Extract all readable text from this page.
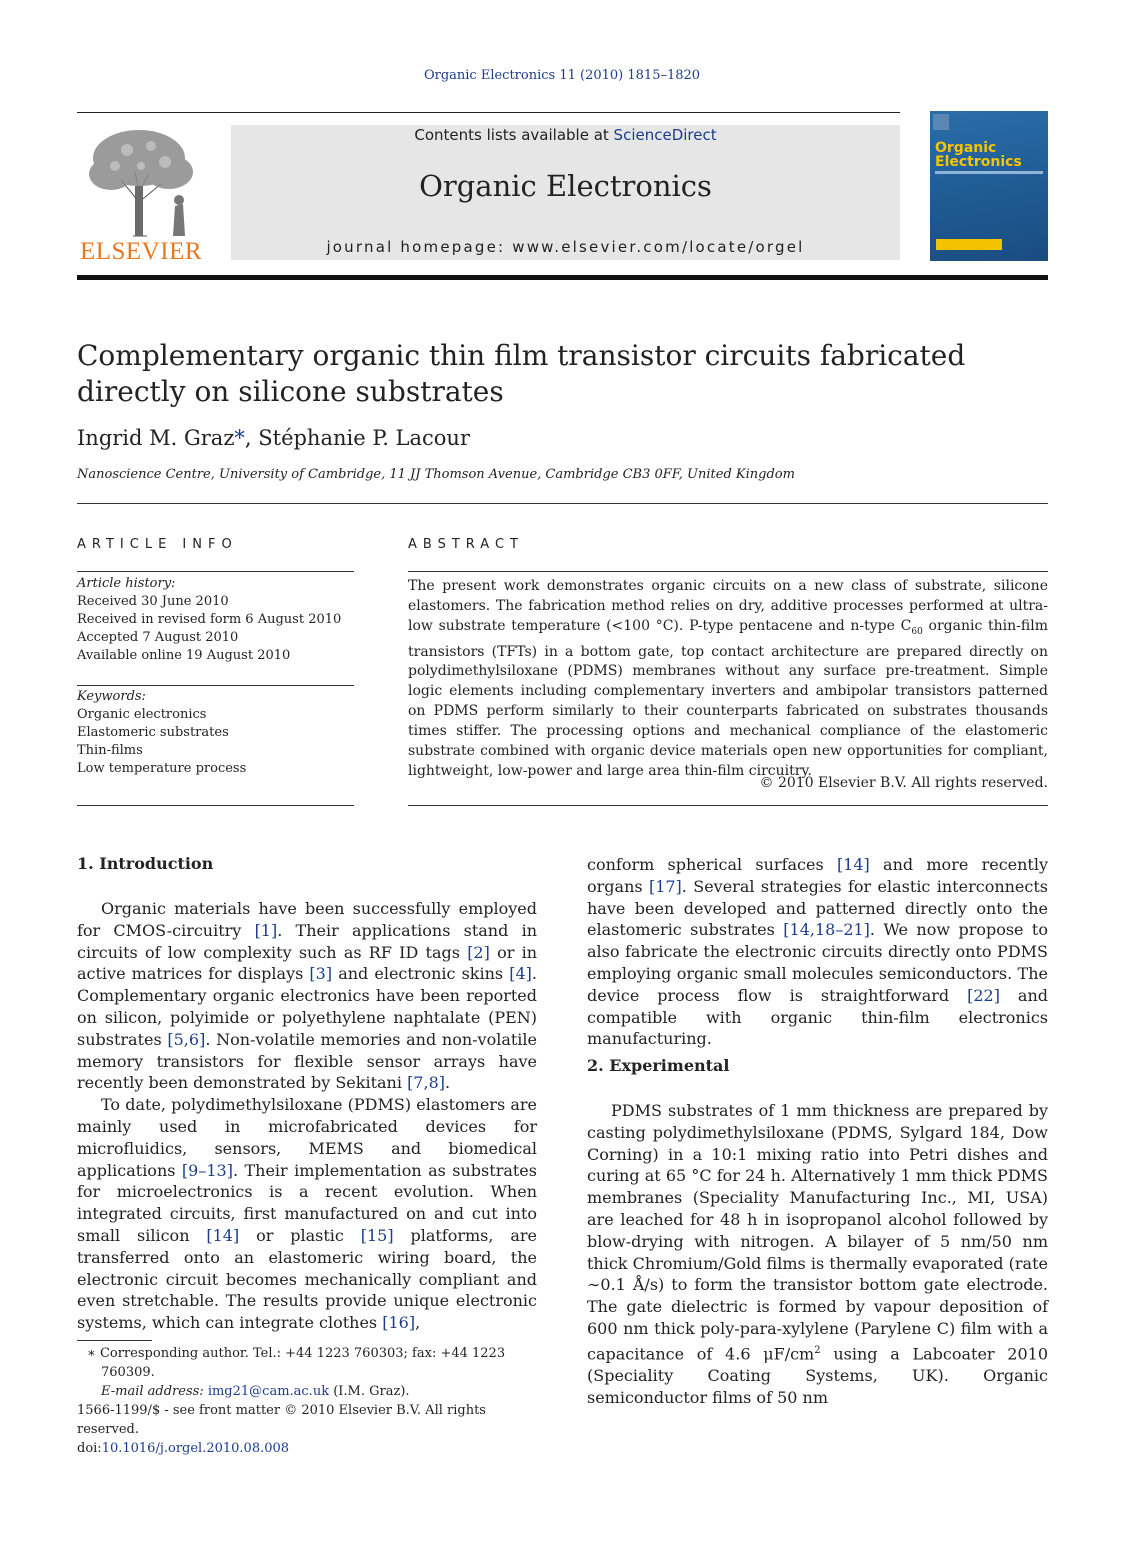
Organic Electronics 11 (2010) 1815–1820
ELSEVIER
Contents lists available at ScienceDirect
Organic Electronics
journal homepage: www.elsevier.com/locate/orgel
Organic
Electronics
Complementary organic thin film transistor circuits fabricated
directly on silicone substrates
Ingrid M. Graz*, Stéphanie P. Lacour
Nanoscience Centre, University of Cambridge, 11 JJ Thomson Avenue, Cambridge CB3 0FF, United Kingdom
ARTICLE INFO	ABSTRACT
Article history:
Received 30 June 2010
Received in revised form 6 August 2010
Accepted 7 August 2010
Available online 19 August 2010
Keywords:
Organic electronics
Elastomeric substrates
Thin-films
Low temperature process
The present work demonstrates organic circuits on a new class of substrate, silicone elastomers. The fabrication method relies on dry, additive processes performed at ultra-low substrate temperature (<100 °C). P-type pentacene and n-type $C_{60}$ organic thin-film transistors (TFTs) in a bottom gate, top contact architecture are prepared directly on polydimethylsiloxane (PDMS) membranes without any surface pre-treatment. Simple logic elements including complementary inverters and ambipolar transistors patterned on PDMS perform similarly to their counterparts fabricated on substrates thousands times stiffer. The processing options and mechanical compliance of the elastomeric substrate combined with organic device materials open new opportunities for compliant, lightweight, low-power and large area thin-film circuitry.
© 2010 Elsevier B.V. All rights reserved.
1. Introduction

Organic materials have been successfully employed for CMOS-circuitry [1]. Their applications stand in circuits of low complexity such as RF ID tags [2] or in active matrices for displays [3] and electronic skins [4]. Complementary organic electronics have been reported on silicon, polyimide or polyethylene naphtalate (PEN) substrates [5,6]. Non-volatile memories and non-volatile memory transistors for flexible sensor arrays have recently been demonstrated by Sekitani [7,8].

To date, polydimethylsiloxane (PDMS) elastomers are mainly used in microfabricated devices for microfluidics, sensors, MEMS and biomedical applications [9–13]. Their implementation as substrates for microelectronics is a recent evolution. When integrated circuits, first manufactured on and cut into small silicon [14] or plastic [15] platforms, are transferred onto an elastomeric wiring board, the electronic circuit becomes mechanically compliant and even stretchable. The results provide unique electronic systems, which can integrate clothes [16],

conform spherical surfaces [14] and more recently organs [17]. Several strategies for elastic interconnects have been developed and patterned directly onto the elastomeric substrates [14,18–21]. We now propose to also fabricate the electronic circuits directly onto PDMS employing organic small molecules semiconductors. The device process flow is straightforward [22] and compatible with organic thin-film electronics manufacturing.

2. Experimental

PDMS substrates of 1 mm thickness are prepared by casting polydimethylsiloxane (PDMS, Sylgard 184, Dow Corning) in a 10:1 mixing ratio into Petri dishes and curing at 65 °C for 24 h. Alternatively 1 mm thick PDMS membranes (Speciality Manufacturing Inc., MI, USA) are leached for 48 h in isopropanol alcohol followed by blow-drying with nitrogen. A bilayer of 5 nm/50 nm thick Chromium/Gold films is thermally evaporated (rate ∼0.1 Å/s) to form the transistor bottom gate electrode. The gate dielectric is formed by vapour deposition of 600 nm thick poly-para-xylylene (Parylene C) film with a capacitance of 4.6 $\mu F/cm^2$ using a Labcoater 2010 (Speciality Coating Systems, UK). Organic semiconductor films of 50 nm

∗ Corresponding author. Tel.: +44 1223 760303; fax: +44 1223 760309.
E-mail address: img21@cam.ac.uk (I.M. Graz).
1566-1199/$ - see front matter © 2010 Elsevier B.V. All rights reserved.
doi:10.1016/j.orgel.2010.08.008
